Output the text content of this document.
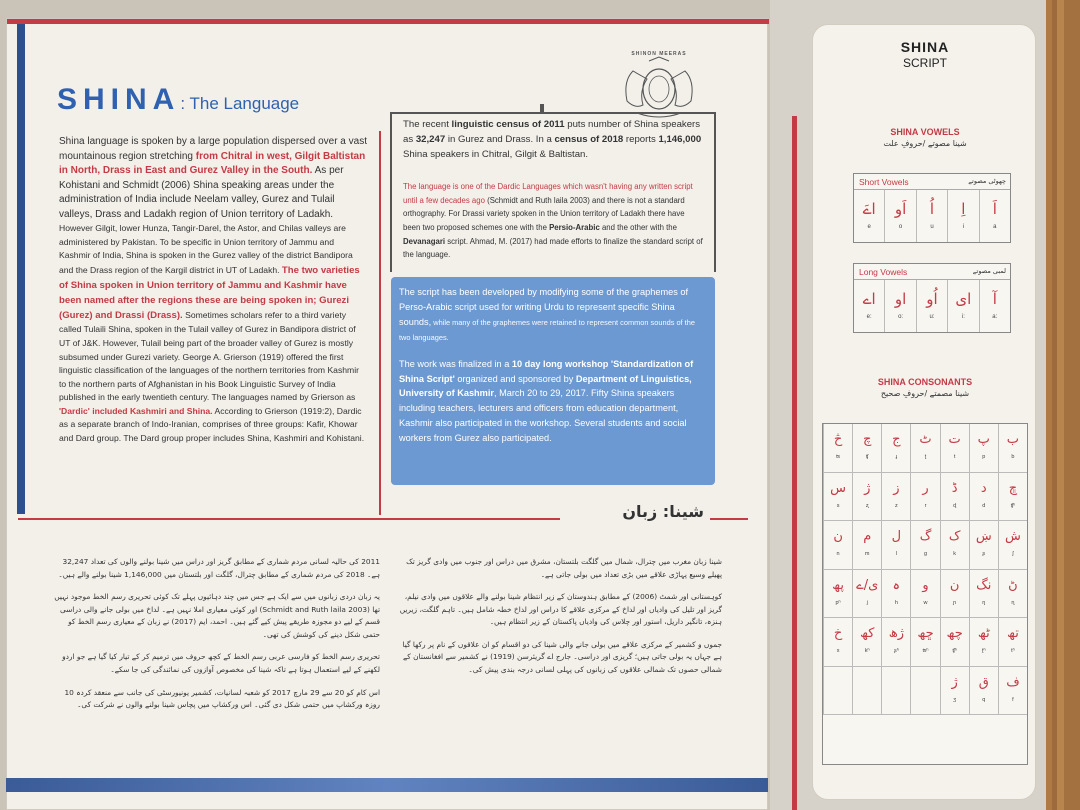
SHINA: The Language
Shina language is spoken by a large population dispersed over a vast mountainous region stretching from Chitral in west, Gilgit Baltistan in North, Drass in East and Gurez Valley in the South. As per Kohistani and Schmidt (2006) Shina speaking areas under the administration of India include Neelam valley, Gurez and Tulail valleys, Drass and Ladakh region of Union territory of Ladakh.
However Gilgit, lower Hunza, Tangir-Darel, the Astor, and Chilas valleys are administered by Pakistan. To be specific in Union territory of Jammu and Kashmir of India, Shina is spoken in the Gurez valley of the district Bandipora and the Drass region of the Kargil district in UT of Ladakh. The two varieties of Shina spoken in Union territory of Jammu and Kashmir have been named after the regions these are being spoken in; Gurezi (Gurez) and Drassi (Drass). Sometimes scholars refer to a third variety called Tulaili Shina, spoken in the Tulail valley of Gurez in Bandipora district of UT of J&K. However, Tulail being part of the broader valley of Gurez is mostly subsumed under Gurezi variety. George A. Grierson (1919) offered the first linguistic classification of the languages of the northern territories from Kashmir to the northern parts of Afghanistan in his Book Linguistic Survey of India published in the early twentieth century. The languages named by Grierson as 'Dardic' included Kashmiri and Shina. According to Grierson (1919:2), Dardic as a separate branch of Indo-Iranian, comprises of three groups: Kafir, Khowar and Dard group. The Dard group proper includes Shina, Kashmiri and Kohistani.
SHINON MEERAS
The recent linguistic census of 2011 puts number of Shina speakers as 32,247 in Gurez and Drass. In a census of 2018 reports 1,146,000 Shina speakers in Chitral, Gilgit & Baltistan.
The language is one of the Dardic Languages which wasn't having any written script until a few decades ago (Schmidt and Ruth laila 2003) and there is not a standard orthography. For Drassi variety spoken in the Union territory of Ladakh there have been two proposed schemes one with the Persio-Arabic and the other with the Devanagari script. Ahmad, M. (2017) had made efforts to finalize the standard script of the language.

The script has been developed by modifying some of the graphemes of Perso-Arabic script used for writing Urdu to represent specific Shina sounds, while many of the graphemes were retained to represent common sounds of the two languages.

The work was finalized in a 10 day long workshop 'Standardization of Shina Script' organized and sponsored by Department of Linguistics, University of Kashmir, March 20 to 29, 2017. Fifty Shina speakers including teachers, lecturers and officers from education department, Kashmir also participated in the workshop. Several students and social workers from Gurez also participated.

شینا: زبان

شینا زبان مغرب میں چترال، شمال میں گلگت بلتستان، مشرق میں دراس اور جنوب میں وادی گریز تک پھیلے وسیع پہاڑی علاقے میں بڑی تعداد میں بولی جاتی ہے۔

کوہستانی اور شمٹ (2006) کے مطابق ہندوستان کے زیر انتظام شینا بولنے والے علاقوں میں وادی نیلم، گریز اور تلیل کی وادیاں اور لداخ کے مرکزی علاقے کا دراس اور لداخ خطہ شامل ہیں۔ تاہم گلگت، زیریں ہنزہ، تانگیر داریل، استور اور چلاس کی وادیاں پاکستان کے زیر انتظام ہیں۔

جموں و کشمیر کے مرکزی علاقے میں بولی جانے والی شینا کی دو اقسام کو ان علاقوں کے نام پر رکھا گیا ہے جہاں یہ بولی جاتی ہیں؛ گریزی اور دراسی۔ جارج اے گریئرسن (1919) نے کشمیر سے افغانستان کے شمالی حصوں تک شمالی علاقوں کی زبانوں کی پہلی لسانی درجہ بندی پیش کی۔

2011 کی حالیہ لسانی مردم شماری کے مطابق گریز اور دراس میں شینا بولنے والوں کی تعداد 32,247 ہے۔ 2018 کی مردم شماری کے مطابق چترال، گلگت اور بلتستان میں 1,146,000 شینا بولنے والے ہیں۔

یہ زبان دردی زبانوں میں سے ایک ہے جس میں چند دہائیوں پہلے تک کوئی تحریری رسم الخط موجود نہیں تھا (Schmidt and Ruth laila 2003) اور کوئی معیاری املا نہیں ہے۔ لداخ میں بولی جانے والی دراسی قسم کے لیے دو مجوزہ طریقے پیش کیے گئے ہیں۔ احمد، ایم (2017) نے زبان کے معیاری رسم الخط کو حتمی شکل دینے کی کوشش کی تھی۔

تحریری رسم الخط کو فارسی عربی رسم الخط کے کچھ حروف میں ترمیم کر کے تیار کیا گیا ہے جو اردو لکھنے کے لیے استعمال ہوتا ہے تاکہ شینا کی مخصوص آوازوں کی نمائندگی کی جا سکے۔

اس کام کو 20 سے 29 مارچ 2017 کو شعبہ لسانیات، کشمیر یونیورسٹی کی جانب سے منعقد کردہ 10 روزہ ورکشاپ میں حتمی شکل دی گئی۔ اس ورکشاپ میں پچاس شینا بولنے والوں نے شرکت کی۔

SHINA
SCRIPT
SHINA VOWELS
شینا مصوتے /حروفِ علت
Short Vowels	چھوٹی مصوتے
اَ
a
اِ
i
اُ
u
اَو
o
اےَ
e
Long Vowels	لمبی مصوتے
آ
a:
ای
i:
اُو
u:
او
o:
اے
e:
SHINA CONSONANTS
شینا مصمتے /حروفِ صحیح
ب
b
پ
p
ت
t
ٹ
ʈ
ج
ɟ
چ
ʧ
څ
ʦ
ڇ
ʧʰ
د
d
ڈ
ɖ
ر
r
ز
z
ژ
ʐ
س
s
ش
ʃ
ښ
ʂ
ک
k
گ
g
ل
l
م
m
ن
n
ڻ
ɳ
نگ
ŋ
ن
ɲ
و
w
ہ
h
ی/ے
j
پھ
pʰ
تھ
tʰ
ٹھ
ʈʰ
چھ
ʧʰ
ڇھ
ʦʰ
ژھ
ʂʰ
کھ
kʰ
خ
x
ف
f
ق
q
ژ
ʒ
